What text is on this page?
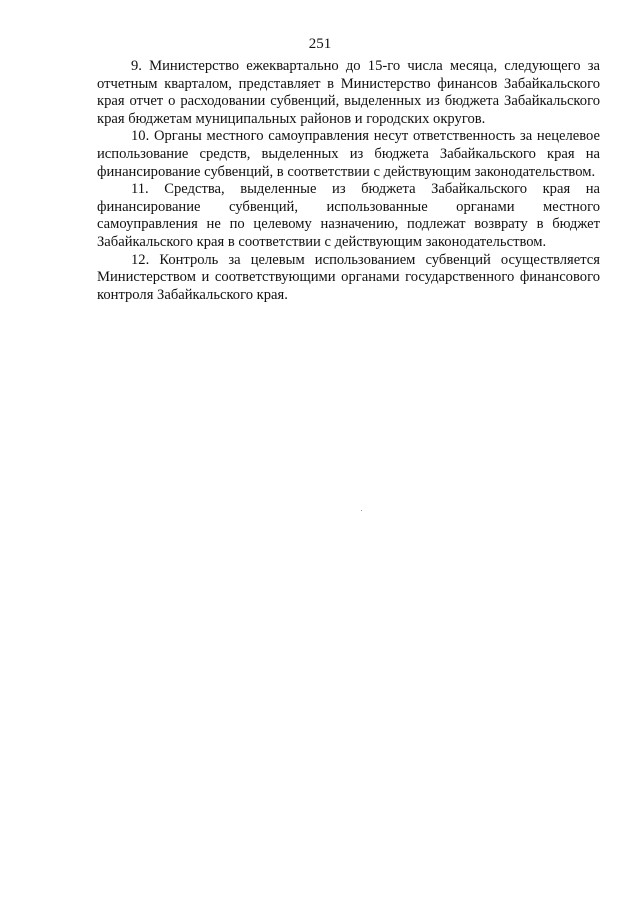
251

9. Министерство ежеквартально до 15-го числа месяца, следующего за отчетным кварталом, представляет в Министерство финансов Забайкальского края отчет о расходовании субвенций, выделенных из бюджета Забайкальского края бюджетам муниципальных районов и городских округов.

10. Органы местного самоуправления несут ответственность за нецелевое использование средств, выделенных из бюджета Забайкальского края на финансирование субвенций, в соответствии с действующим законодательством.

11. Средства, выделенные из бюджета Забайкальского края на финансирование субвенций, использованные органами местного самоуправления не по целевому назначению, подлежат возврату в бюджет Забайкальского края в соответствии с действующим законодательством.

12. Контроль за целевым использованием субвенций осуществляется Министерством и соответствующими органами государственного финансового контроля Забайкальского края.
